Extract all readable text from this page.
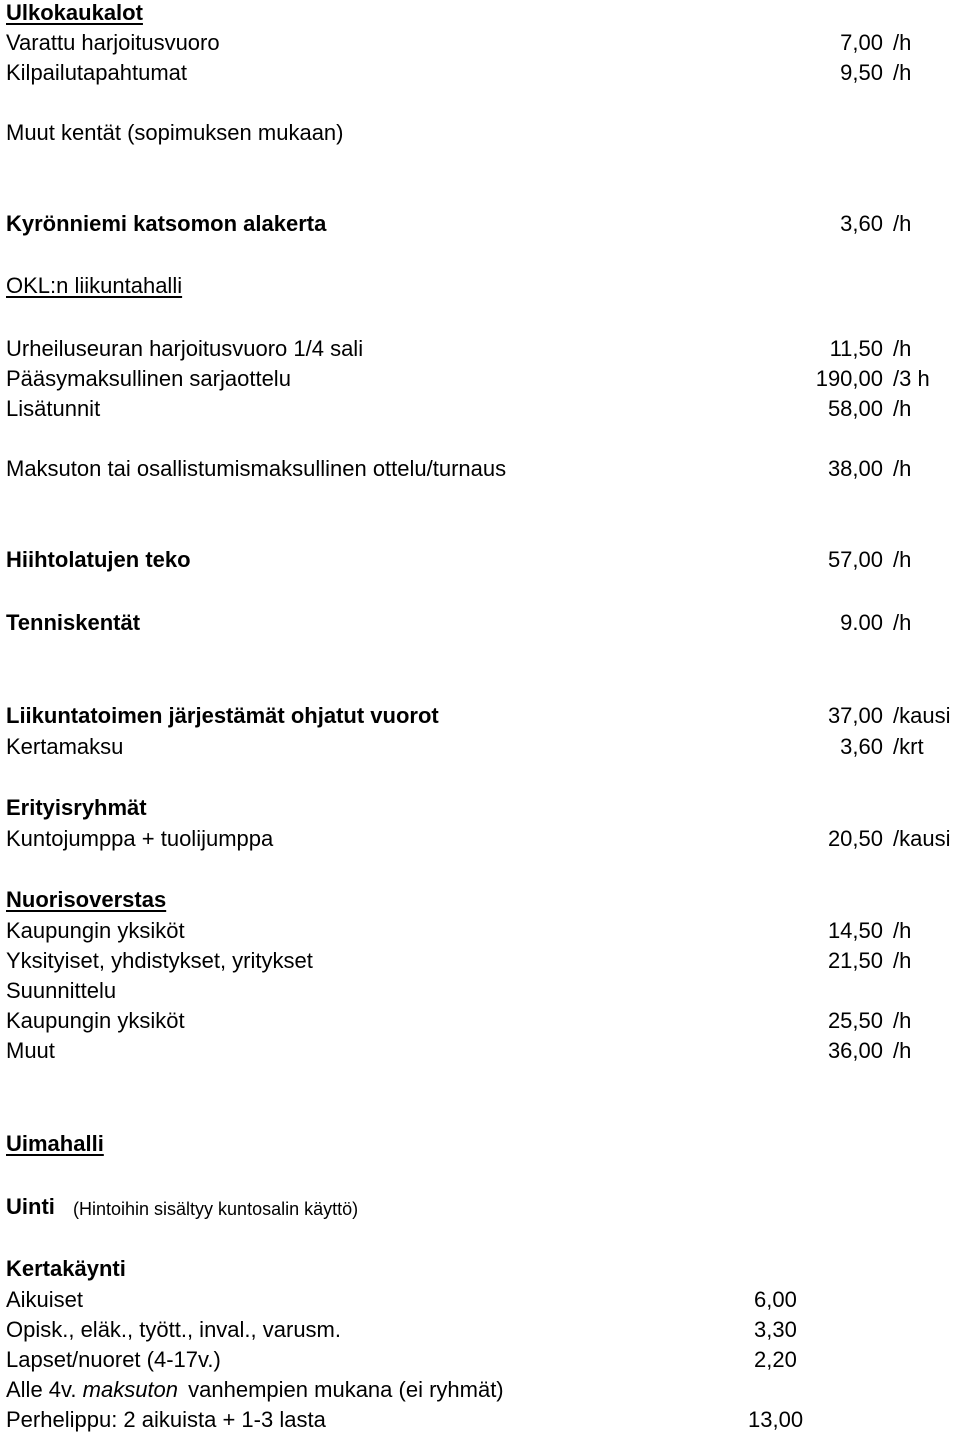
Ulkokaukalot
Varattu harjoitusvuoro	7,00 /h
Kilpailutapahtumat	9,50 /h
Muut kentät (sopimuksen mukaan)
Kyrönniemi katsomon alakerta	3,60 /h
OKL:n liikuntahalli
Urheiluseuran harjoitusvuoro 1/4 sali	11,50 /h
Pääsymaksullinen sarjaottelu	190,00 /3 h
Lisätunnit	58,00 /h
Maksuton tai osallistumismaksullinen ottelu/turnaus	38,00 /h
Hiihtolatujen teko	57,00 /h
Tenniskentät	9.00 /h
Liikuntatoimen järjestämät ohjatut vuorot	37,00 /kausi
Kertamaksu	3,60 /krt
Erityisryhmät
Kuntojumppa + tuolijumppa	20,50 /kausi
Nuorisoverstas
Kaupungin yksiköt	14,50 /h
Yksityiset, yhdistykset, yritykset	21,50 /h
Suunnittelu
Kaupungin yksiköt	25,50 /h
Muut	36,00 /h
Uimahalli
Uinti (Hintoihin sisältyy kuntosalin käyttö)
Kertakäynti
Aikuiset	6,00
Opisk., eläk., tyött., inval., varusm.	3,30
Lapset/nuoret (4-17v.)	2,20
Alle 4v. maksuton vanhempien mukana (ei ryhmät)
Perhelippu: 2 aikuista + 1-3 lasta	13,00
